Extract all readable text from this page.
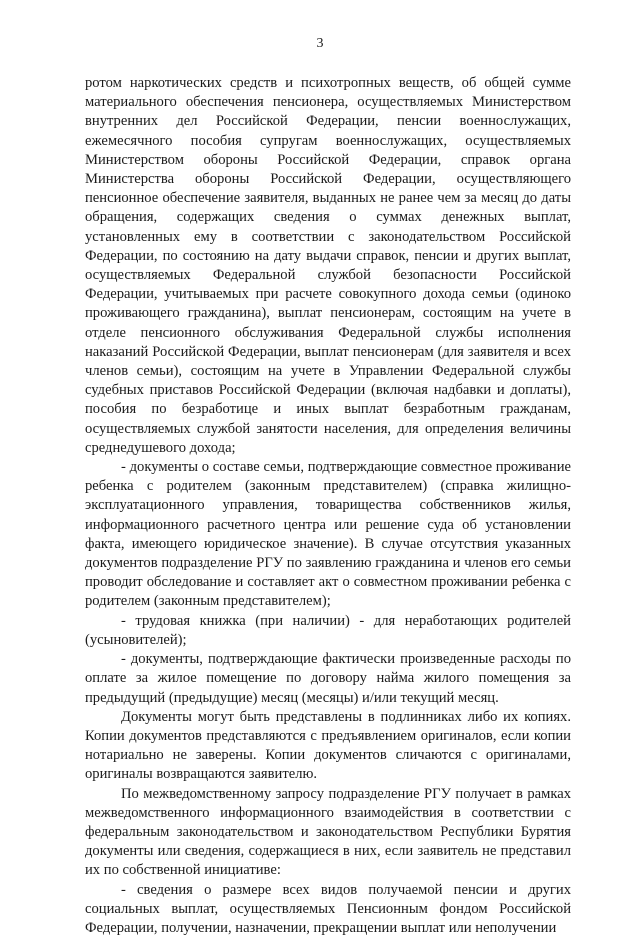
3

ротом наркотических средств и психотропных веществ, об общей сумме материального обеспечения пенсионера, осуществляемых Министерством внутренних дел Российской Федерации, пенсии военнослужащих, ежемесячного пособия супругам военнослужащих, осуществляемых Министерством обороны Российской Федерации, справок органа Министерства обороны Российской Федерации, осуществляющего пенсионное обеспечение заявителя, выданных не ранее чем за месяц до даты обращения, содержащих сведения о суммах денежных выплат, установленных ему в соответствии с законодательством Российской Федерации, по состоянию на дату выдачи справок, пенсии и других выплат, осуществляемых Федеральной службой безопасности Российской Федерации, учитываемых при расчете совокупного дохода семьи (одиноко проживающего гражданина), выплат пенсионерам, состоящим на учете в отделе пенсионного обслуживания Федеральной службы исполнения наказаний Российской Федерации, выплат пенсионерам (для заявителя и всех членов семьи), состоящим на учете в Управлении Федеральной службы судебных приставов Российской Федерации (включая надбавки и доплаты), пособия по безработице и иных выплат безработным гражданам, осуществляемых службой занятости населения, для определения величины среднедушевого дохода;

- документы о составе семьи, подтверждающие совместное проживание ребенка с родителем (законным представителем) (справка жилищно-эксплуатационного управления, товарищества собственников жилья, информационного расчетного центра или решение суда об установлении факта, имеющего юридическое значение). В случае отсутствия указанных документов подразделение РГУ по заявлению гражданина и членов его семьи проводит обследование и составляет акт о совместном проживании ребенка с родителем (законным представителем);

- трудовая книжка (при наличии) - для неработающих родителей (усыновителей);

- документы, подтверждающие фактически произведенные расходы по оплате за жилое помещение по договору найма жилого помещения за предыдущий (предыдущие) месяц (месяцы) и/или текущий месяц.

Документы могут быть представлены в подлинниках либо их копиях. Копии документов представляются с предъявлением оригиналов, если копии нотариально не заверены. Копии документов сличаются с оригиналами, оригиналы возвращаются заявителю.

По межведомственному запросу подразделение РГУ получает в рамках межведомственного информационного взаимодействия в соответствии с федеральным законодательством и законодательством Республики Бурятия документы или сведения, содержащиеся в них, если заявитель не представил их по собственной инициативе:

- сведения о размере всех видов получаемой пенсии и других социальных выплат, осуществляемых Пенсионным фондом Российской Федерации, получении, назначении, прекращении выплат или неполучении
